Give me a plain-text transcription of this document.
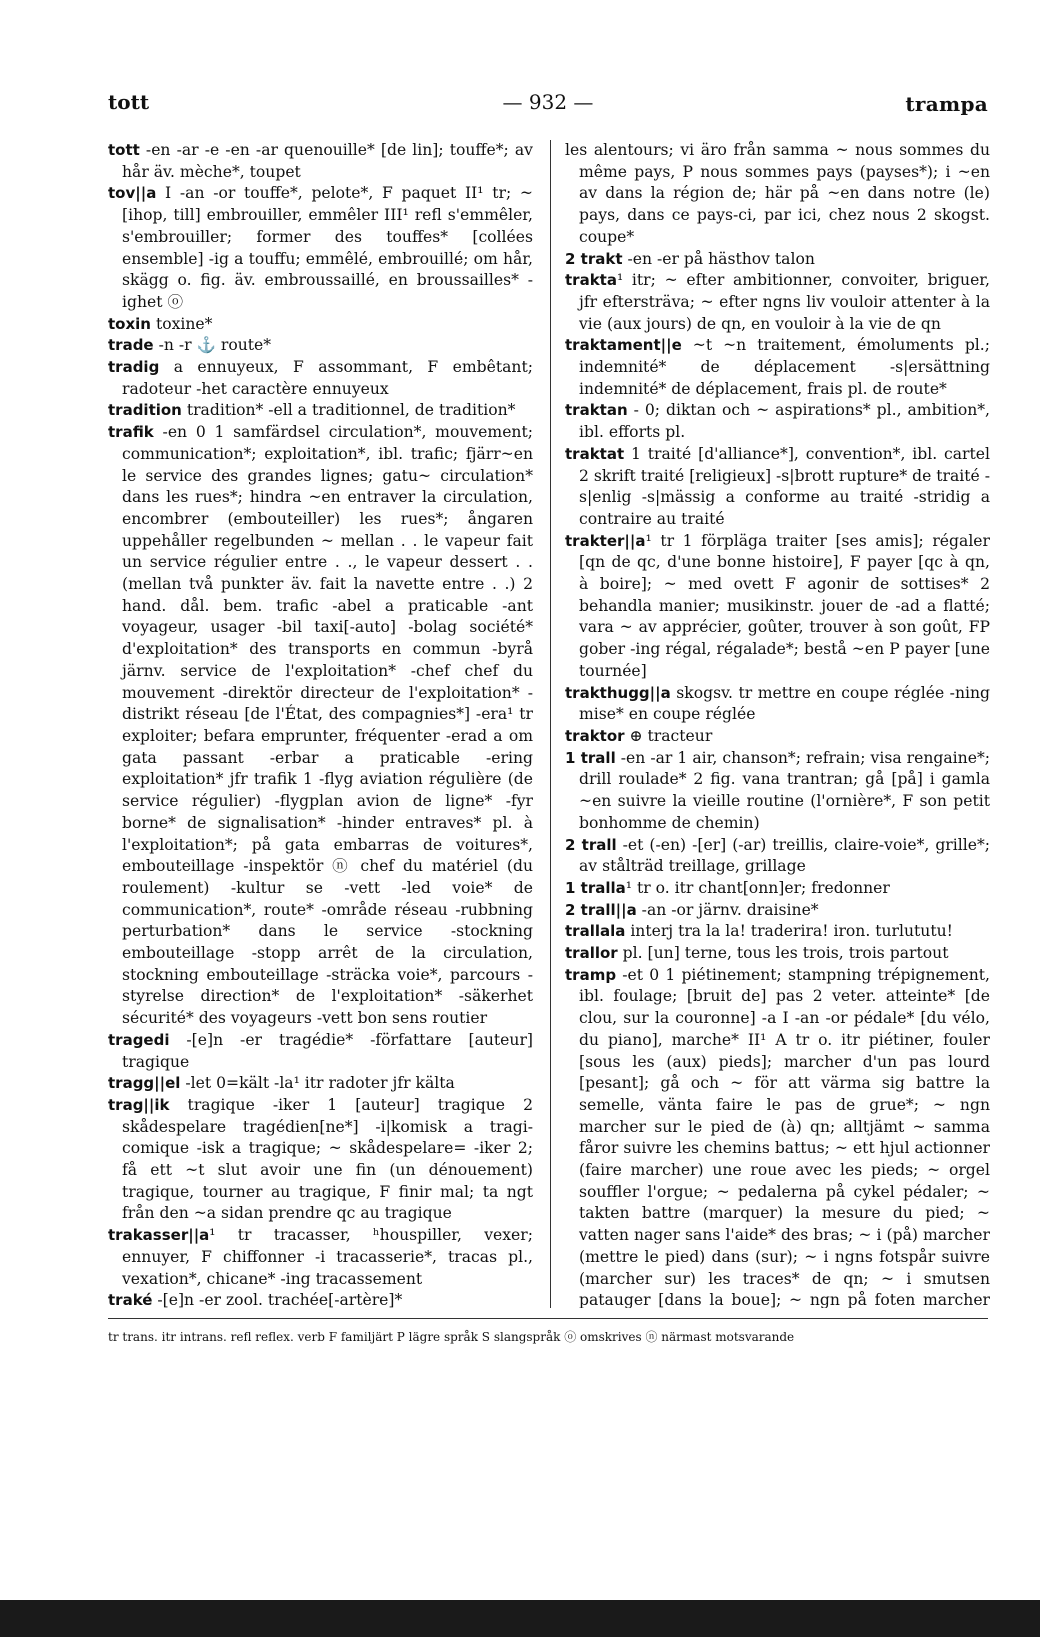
tott	— 932 —	trampa
tott -en -ar -e -en -ar quenouille* [de lin]; touffe*; av hår äv. mèche*, toupet
tov||a I -an -or touffe*, pelote*, F paquet II¹ tr; ~ [ihop, till] embrouiller, emmêler III¹ refl s'emmêler, s'embrouiller; former des touffes* [collées ensemble] -ig a touffu; emmêlé, embrouillé; om hår, skägg o. fig. äv. embroussaillé, en broussailles* -ighet ⓞ
toxin toxine*
trade -n -r ⚓ route*
tradig a ennuyeux, F assommant, F embêtant; radoteur -het caractère ennuyeux
tradition tradition* -ell a traditionnel, de tradition*
trafik -en 0 1 samfärdsel circulation*, mouvement; communication*; exploitation*, ibl. trafic; fjärr~en le service des grandes lignes; gatu~ circulation* dans les rues*; hindra ~en entraver la circulation, encombrer (embouteiller) les rues*; ångaren uppehåller regelbunden ~ mellan . . le vapeur fait un service régulier entre . ., le vapeur dessert . . (mellan två punkter äv. fait la navette entre . .) 2 hand. dål. bem. trafic -abel a praticable -ant voyageur, usager -bil taxi[-auto] -bolag société* d'exploitation* des transports en commun -byrå järnv. service de l'exploitation* -chef chef du mouvement -direktör directeur de l'exploitation* -distrikt réseau [de l'État, des compagnies*] -era¹ tr exploiter; befara emprunter, fréquenter -erad a om gata passant -erbar a praticable -ering exploitation* jfr trafik 1 -flyg aviation régulière (de service régulier) -flygplan avion de ligne* -fyr borne* de signalisation* -hinder entraves* pl. à l'exploitation*; på gata embarras de voitures*, embouteillage -inspektör ⓝ chef du matériel (du roulement) -kultur se -vett -led voie* de communication*, route* -område réseau -rubbning perturbation* dans le service -stockning embouteillage -stopp arrêt de la circulation, stockning embouteillage -sträcka voie*, parcours -styrelse direction* de l'exploitation* -säkerhet sécurité* des voyageurs -vett bon sens routier
tragedi -[e]n -er tragédie* -författare [auteur] tragique
tragg||el -let 0=kält -la¹ itr radoter jfr kälta
trag||ik tragique -iker 1 [auteur] tragique 2 skådespelare tragédien[ne*] -i|komisk a tragi-comique -isk a tragique; ~ skådespelare= -iker 2; få ett ~t slut avoir une fin (un dénouement) tragique, tourner au tragique, F finir mal; ta ngt från den ~a sidan prendre qc au tragique
trakasser||a¹ tr tracasser, ʰhouspiller, vexer; ennuyer, F chiffonner -i tracasserie*, tracas pl., vexation*, chicane* -ing tracassement
traké -[e]n -er zool. trachée[-artère]*
les alentours; vi äro från samma ~ nous sommes du même pays, P nous sommes pays (payses*); i ~en av dans la région de; här på ~en dans notre (le) pays, dans ce pays-ci, par ici, chez nous 2 skogst. coupe*
2 trakt -en -er på hästhov talon
trakta¹ itr; ~ efter ambitionner, convoiter, briguer, jfr eftersträva; ~ efter ngns liv vouloir attenter à la vie (aux jours) de qn, en vouloir à la vie de qn
traktament||e ~t ~n traitement, émoluments pl.; indemnité* de déplacement -s|ersättning indemnité* de déplacement, frais pl. de route*
traktan - 0; diktan och ~ aspirations* pl., ambition*, ibl. efforts pl.
traktat 1 traité [d'alliance*], convention*, ibl. cartel 2 skrift traité [religieux] -s|brott rupture* de traité -s|enlig -s|mässig a conforme au traité -stridig a contraire au traité
trakter||a¹ tr 1 förpläga traiter [ses amis]; régaler [qn de qc, d'une bonne histoire], F payer [qc à qn, à boire]; ~ med ovett F agonir de sottises* 2 behandla manier; musikinstr. jouer de -ad a flatté; vara ~ av apprécier, goûter, trouver à son goût, FP gober -ing régal, régalade*; bestå ~en P payer [une tournée]
trakthugg||a skogsv. tr mettre en coupe réglée -ning mise* en coupe réglée
traktor ⊕ tracteur
1 trall -en -ar 1 air, chanson*; refrain; visa rengaine*; drill roulade* 2 fig. vana trantran; gå [på] i gamla ~en suivre la vieille routine (l'ornière*, F son petit bonhomme de chemin)
2 trall -et (-en) -[er] (-ar) treillis, claire-voie*, grille*; av stålträd treillage, grillage
1 tralla¹ tr o. itr chant[onn]er; fredonner
2 trall||a -an -or järnv. draisine*
trallala interj tra la la! traderira! iron. turlututu!
trallor pl. [un] terne, tous les trois, trois partout
tramp -et 0 1 piétinement; stampning trépignement, ibl. foulage; [bruit de] pas 2 veter. atteinte* [de clou, sur la couronne] -a I -an -or pédale* [du vélo, du piano], marche* II¹ A tr o. itr piétiner, fouler [sous les (aux) pieds]; marcher d'un pas lourd [pesant]; gå och ~ för att värma sig battre la semelle, vänta faire le pas de grue*; ~ ngn marcher sur le pied de (à) qn; alltjämt ~ samma fåror suivre les chemins battus; ~ ett hjul actionner (faire marcher) une roue avec les pieds; ~ orgel souffler l'orgue; ~ pedalerna på cykel pédaler; ~ takten battre (marquer) la mesure du pied; ~ vatten nager sans l'aide* des bras; ~ i (på) marcher (mettre le pied) dans (sur); ~ i ngns fotspår suivre (marcher sur) les traces* de qn; ~ i smutsen patauger [dans la boue]; ~ ngn på foten marcher
tr trans. itr intrans. refl reflex. verb F familjärt P lägre språk S slangspråk ⓞ omskrives ⓝ närmast motsvarande
